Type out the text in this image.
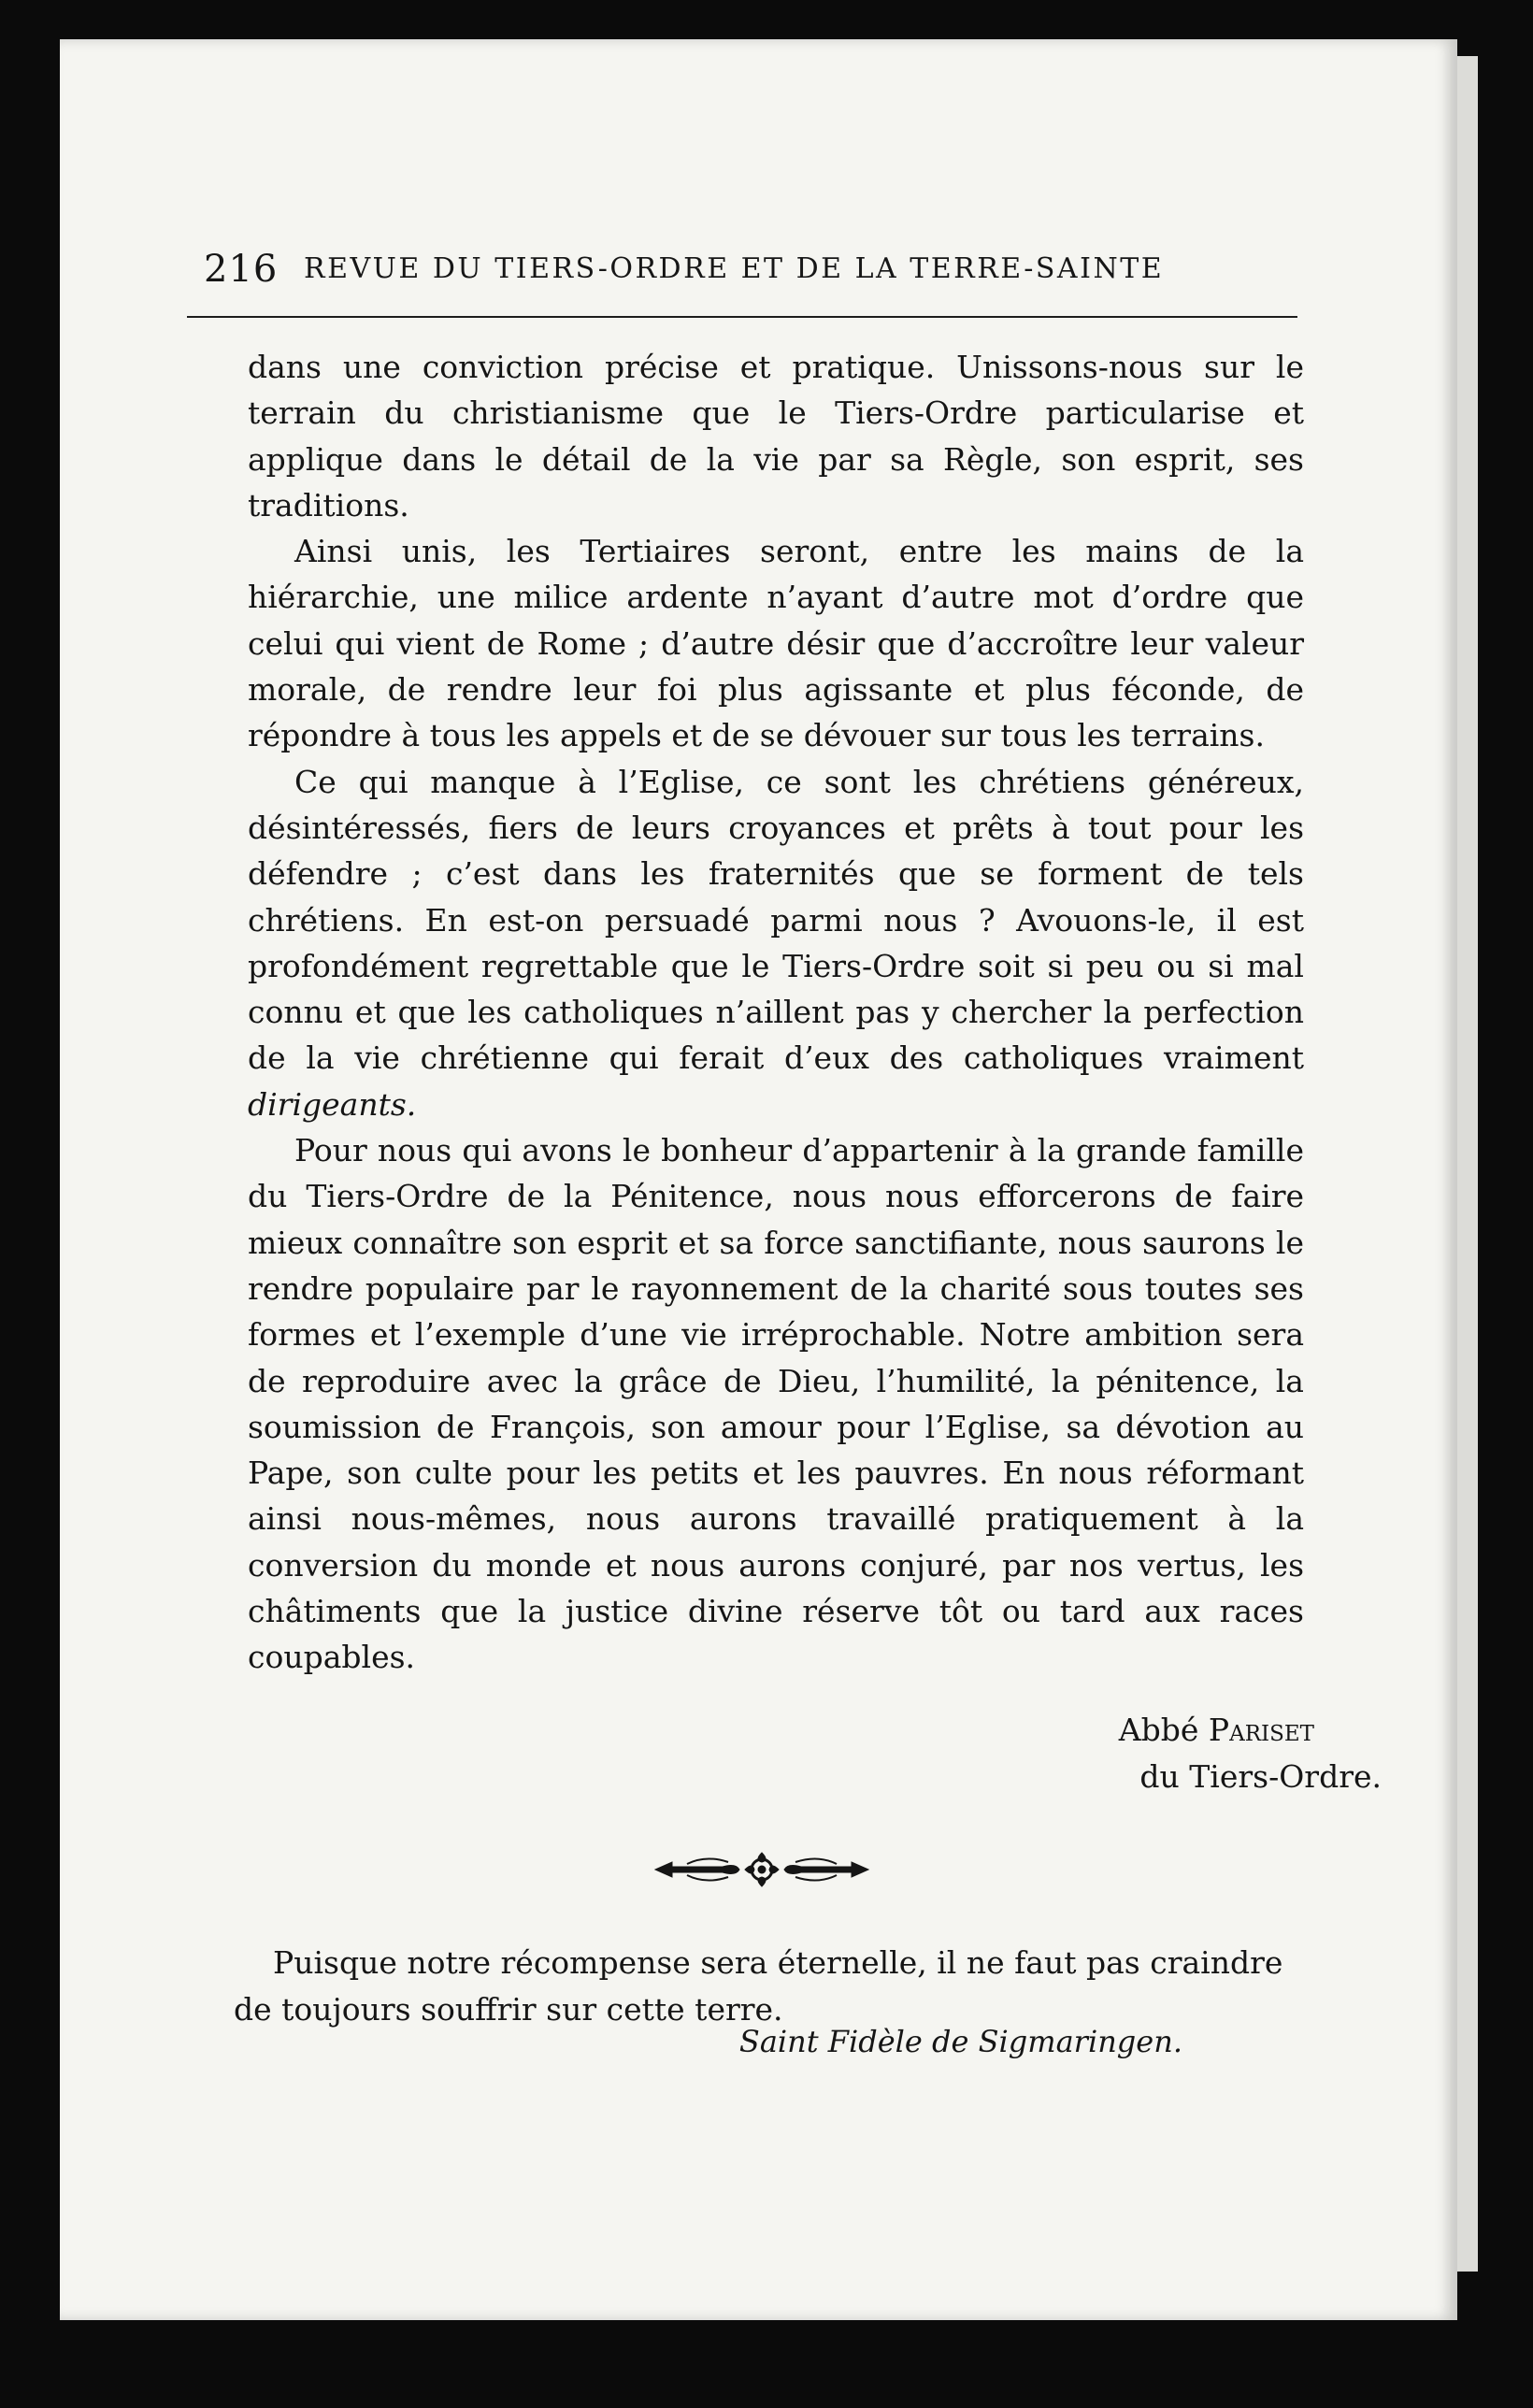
216 REVUE DU TIERS-ORDRE ET DE LA TERRE-SAINTE

dans une conviction précise et pratique. Unissons-nous sur le terrain du christianisme que le Tiers-Ordre particularise et applique dans le détail de la vie par sa Règle, son esprit, ses traditions.

Ainsi unis, les Tertiaires seront, entre les mains de la hiérarchie, une milice ardente n’ayant d’autre mot d’ordre que celui qui vient de Rome ; d’autre désir que d’accroître leur valeur morale, de rendre leur foi plus agissante et plus féconde, de répondre à tous les appels et de se dévouer sur tous les terrains.

Ce qui manque à l’Eglise, ce sont les chrétiens généreux, désintéressés, fiers de leurs croyances et prêts à tout pour les défendre ; c’est dans les fraternités que se forment de tels chrétiens. En est-on persuadé parmi nous ? Avouons-le, il est profondément regrettable que le Tiers-Ordre soit si peu ou si mal connu et que les catholiques n’aillent pas y chercher la perfection de la vie chrétienne qui ferait d’eux des catholiques vraiment dirigeants.

Pour nous qui avons le bonheur d’appartenir à la grande famille du Tiers-Ordre de la Pénitence, nous nous efforcerons de faire mieux connaître son esprit et sa force sanctifiante, nous saurons le rendre populaire par le rayonnement de la charité sous toutes ses formes et l’exemple d’une vie irréprochable. Notre ambition sera de reproduire avec la grâce de Dieu, l’humilité, la pénitence, la soumission de François, son amour pour l’Eglise, sa dévotion au Pape, son culte pour les petits et les pauvres. En nous réformant ainsi nous-mêmes, nous aurons travaillé pratiquement à la conversion du monde et nous aurons conjuré, par nos vertus, les châtiments que la justice divine réserve tôt ou tard aux races coupables.

Abbé Pariset
du Tiers-Ordre.
Puisque notre récompense sera éternelle, il ne faut pas craindre
de toujours souffrir sur cette terre.
Saint Fidèle de Sigmaringen.
